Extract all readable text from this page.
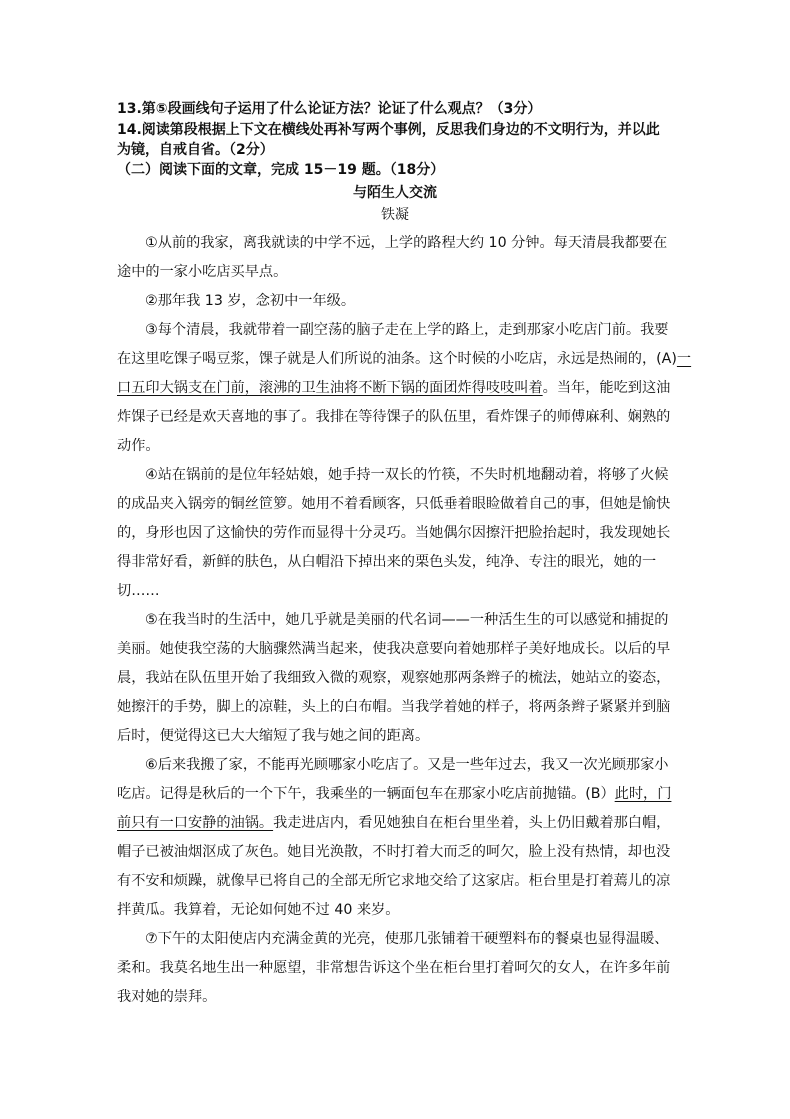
13.第⑤段画线句子运用了什么论证方法？论证了什么观点？（3分）
14.阅读第段根据上下文在横线处再补写两个事例，反思我们身边的不文明行为，并以此
为镜，自戒自省。（2分）
（二）阅读下面的文章，完成 15－19 题。（18分）
与陌生人交流
铁凝
①从前的我家，离我就读的中学不远，上学的路程大约 10 分钟。每天清晨我都要在
途中的一家小吃店买早点。
②那年我 13 岁，念初中一年级。
③每个清晨，我就带着一副空荡的脑子走在上学的路上，走到那家小吃店门前。我要
在这里吃馃子喝豆浆，馃子就是人们所说的油条。这个时候的小吃店，永远是热闹的，(A)一
口五印大锅支在门前，滚沸的卫生油将不断下锅的面团炸得吱吱叫着。当年，能吃到这油
炸馃子已经是欢天喜地的事了。我排在等待馃子的队伍里，看炸馃子的师傅麻利、娴熟的
动作。
④站在锅前的是位年轻姑娘，她手持一双长的竹筷，不失时机地翻动着，将够了火候
的成品夹入锅旁的铜丝笸箩。她用不着看顾客，只低垂着眼睑做着自己的事，但她是愉快
的，身形也因了这愉快的劳作而显得十分灵巧。当她偶尔因擦汗把脸抬起时，我发现她长
得非常好看，新鲜的肤色，从白帽沿下掉出来的栗色头发，纯净、专注的眼光，她的一
切……
⑤在我当时的生活中，她几乎就是美丽的代名词——一种活生生的可以感觉和捕捉的
美丽。她使我空荡的大脑骤然满当起来，使我决意要向着她那样子美好地成长。以后的早
晨，我站在队伍里开始了我细致入微的观察，观察她那两条辫子的梳法，她站立的姿态，
她擦汗的手势，脚上的凉鞋，头上的白布帽。当我学着她的样子，将两条辫子紧紧并到脑
后时，便觉得这已大大缩短了我与她之间的距离。
⑥后来我搬了家，不能再光顾哪家小吃店了。又是一些年过去，我又一次光顾那家小
吃店。记得是秋后的一个下午，我乘坐的一辆面包车在那家小吃店前抛锚。(B）此时，门
前只有一口安静的油锅。我走进店内，看见她独自在柜台里坐着，头上仍旧戴着那白帽，
帽子已被油烟沤成了灰色。她目光涣散，不时打着大而乏的呵欠，脸上没有热情，却也没
有不安和烦躁，就像早已将自己的全部无所它求地交给了这家店。柜台里是打着蔫儿的凉
拌黄瓜。我算着，无论如何她不过 40 来岁。
⑦下午的太阳使店内充满金黄的光亮，使那几张铺着干硬塑料布的餐桌也显得温暖、
柔和。我莫名地生出一种愿望，非常想告诉这个坐在柜台里打着呵欠的女人，在许多年前
我对她的崇拜。
